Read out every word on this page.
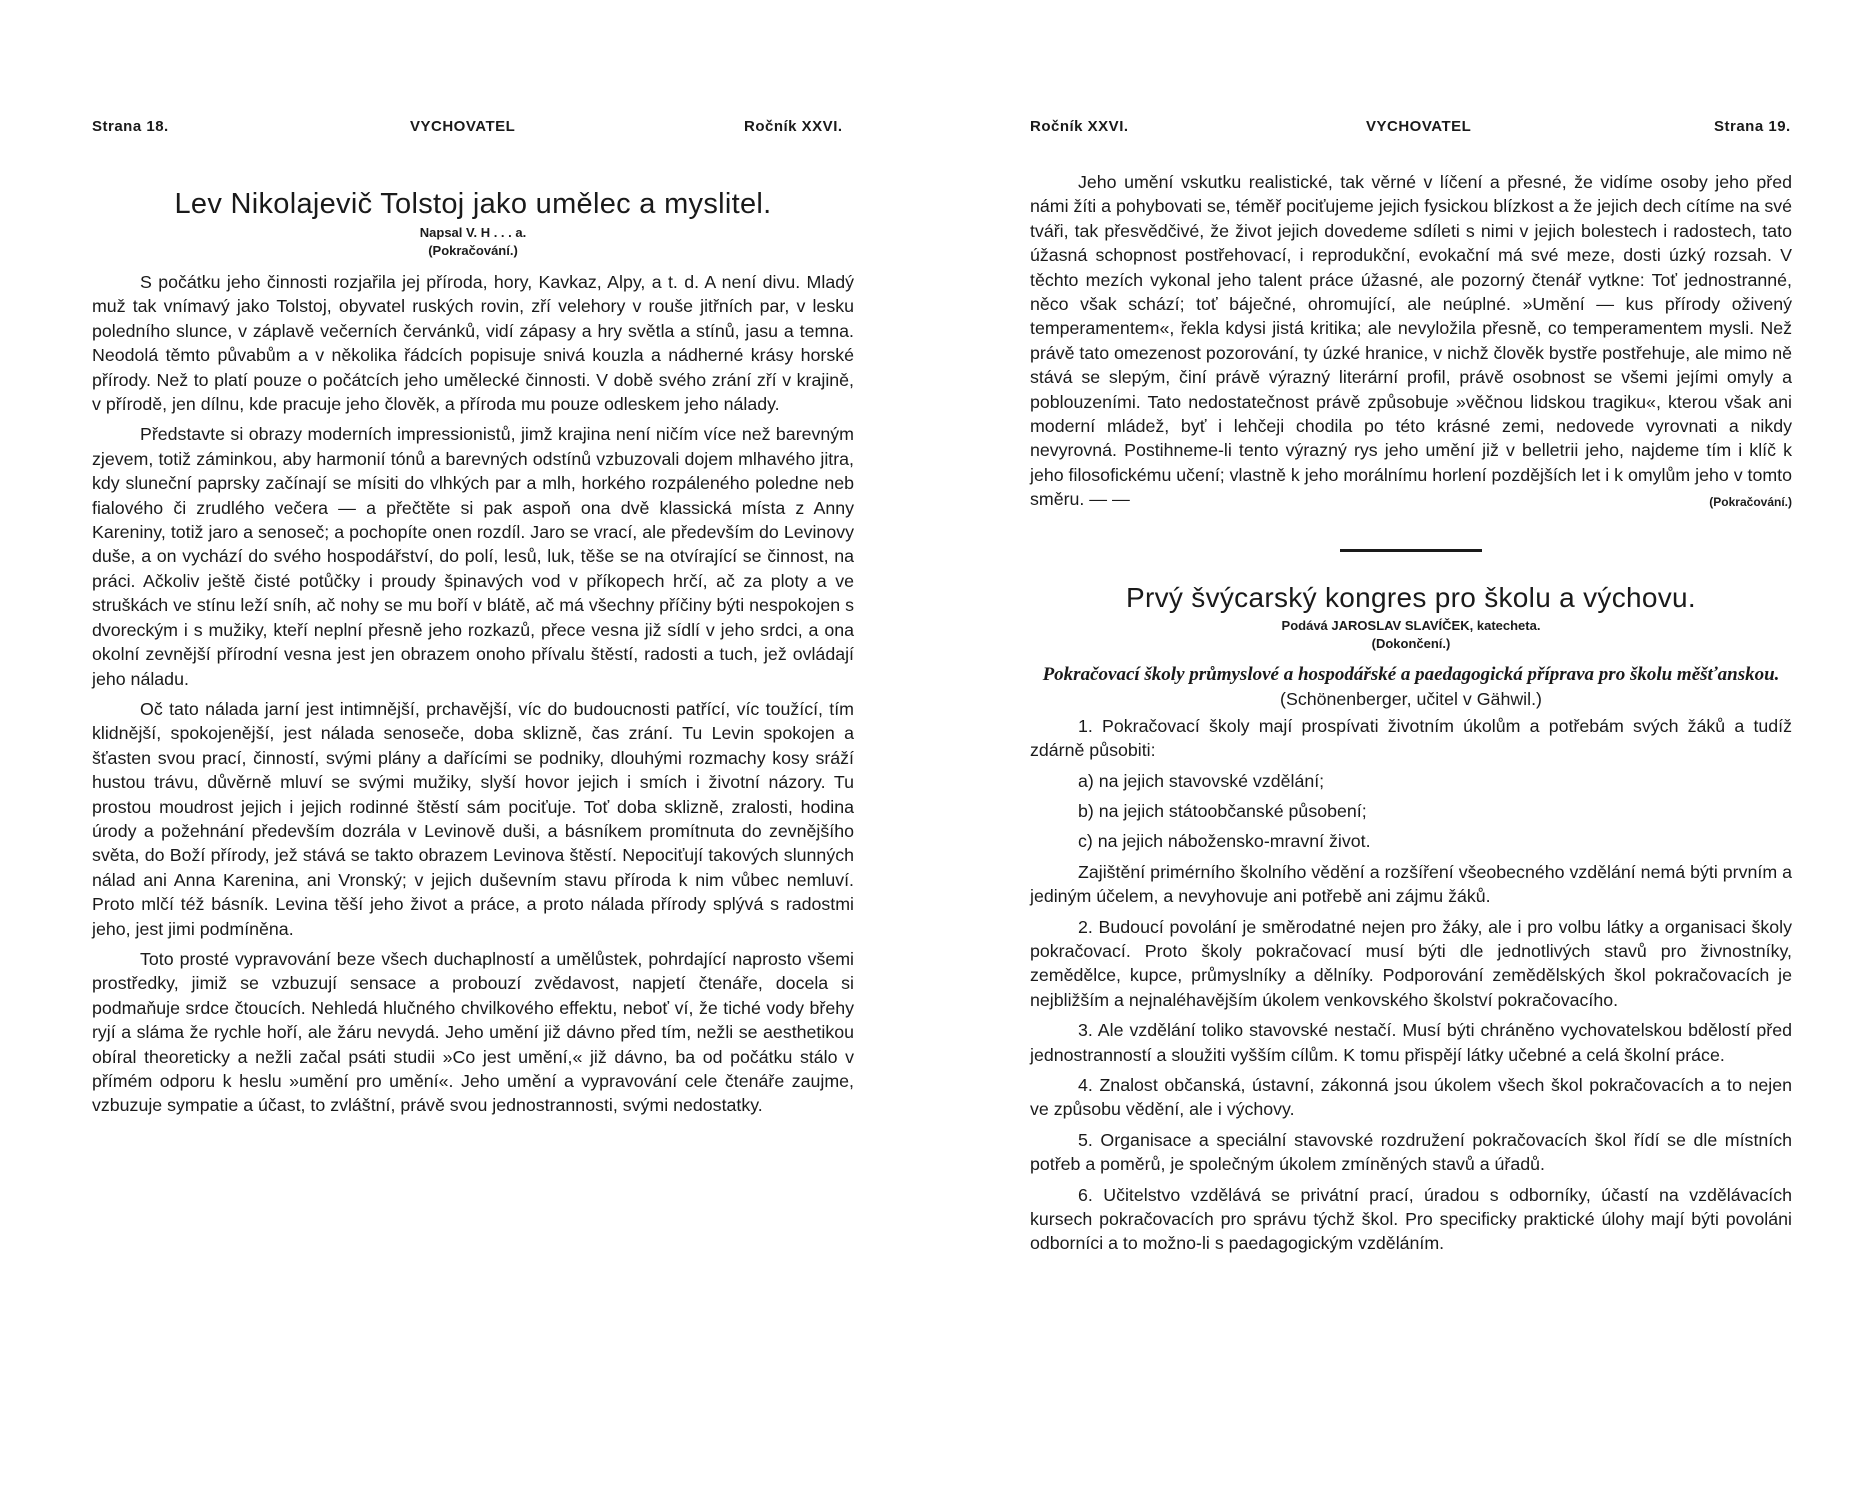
Strana 18.	VYCHOVATEL	Ročník XXVI.
Lev Nikolajevič Tolstoj jako umělec a myslitel.
Napsal V. H . . . a.
(Pokračování.)

S počátku jeho činnosti rozjařila jej příroda, hory, Kavkaz, Alpy, a t. d. A není divu. Mladý muž tak vnímavý jako Tolstoj, obyvatel ruských rovin, zří velehory v rouše jitřních par, v lesku poledního slunce, v záplavě večerních červánků, vidí zápasy a hry světla a stínů, jasu a temna. Neodolá těmto půvabům a v několika řádcích popisuje snivá kouzla a nádherné krásy horské přírody. Než to platí pouze o počátcích jeho umělecké činnosti. V době svého zrání zří v krajině, v přírodě, jen dílnu, kde pracuje jeho člověk, a příroda mu pouze odleskem jeho nálady.

Představte si obrazy moderních impressionistů, jimž krajina není ničím více než barevným zjevem, totiž záminkou, aby harmonií tónů a barevných odstínů vzbuzovali dojem mlhavého jitra, kdy sluneční paprsky začínají se mísiti do vlhkých par a mlh, horkého rozpáleného poledne neb fialového či zrudlého večera — a přečtěte si pak aspoň ona dvě klassická místa z Anny Kareniny, totiž jaro a senoseč; a pochopíte onen rozdíl. Jaro se vrací, ale především do Levinovy duše, a on vychází do svého hospodářství, do polí, lesů, luk, těše se na otvírající se činnost, na práci. Ačkoliv ještě čisté potůčky i proudy špinavých vod v příkopech hrčí, ač za ploty a ve struškách ve stínu leží sníh, ač nohy se mu boří v blátě, ač má všechny příčiny býti nespokojen s dvoreckým i s mužiky, kteří neplní přesně jeho rozkazů, přece vesna již sídlí v jeho srdci, a ona okolní zevnější přírodní vesna jest jen obrazem onoho přívalu štěstí, radosti a tuch, jež ovládají jeho náladu.

Oč tato nálada jarní jest intimnější, prchavější, víc do budoucnosti patřící, víc toužící, tím klidnější, spokojenější, jest nálada senoseče, doba sklizně, čas zrání. Tu Levin spokojen a šťasten svou prací, činností, svými plány a dařícími se podniky, dlouhými rozmachy kosy sráží hustou trávu, důvěrně mluví se svými mužiky, slyší hovor jejich i smích i životní názory. Tu prostou moudrost jejich i jejich rodinné štěstí sám pociťuje. Toť doba sklizně, zralosti, hodina úrody a požehnání především dozrála v Levinově duši, a básníkem promítnuta do zevnějšího světa, do Boží přírody, jež stává se takto obrazem Levinova štěstí. Nepociťují takových slunných nálad ani Anna Karenina, ani Vronský; v jejich duševním stavu příroda k nim vůbec nemluví. Proto mlčí též básník. Levina těší jeho život a práce, a proto nálada přírody splývá s radostmi jeho, jest jimi podmíněna.

Toto prosté vypravování beze všech duchaplností a umělůstek, pohrdající naprosto všemi prostředky, jimiž se vzbuzují sensace a probouzí zvědavost, napjetí čtenáře, docela si podmaňuje srdce čtoucích. Nehledá hlučného chvilkového effektu, neboť ví, že tiché vody břehy ryjí a sláma že rychle hoří, ale žáru nevydá. Jeho umění již dávno před tím, nežli se aesthetikou obíral theoreticky a nežli začal psáti studii »Co jest umění,« již dávno, ba od počátku stálo v přímém odporu k heslu »umění pro umění«. Jeho umění a vypravování cele čtenáře zaujme, vzbuzuje sympatie a účast, to zvláštní, právě svou jednostrannosti, svými nedostatky.

Ročník XXVI.	VYCHOVATEL	Strana 19.

Jeho umění vskutku realistické, tak věrné v líčení a přesné, že vidíme osoby jeho před námi žíti a pohybovati se, téměř pociťujeme jejich fysickou blízkost a že jejich dech cítíme na své tváři, tak přesvědčivé, že život jejich dovedeme sdíleti s nimi v jejich bolestech i radostech, tato úžasná schopnost postřehovací, i reprodukční, evokační má své meze, dosti úzký rozsah. V těchto mezích vykonal jeho talent práce úžasné, ale pozorný čtenář vytkne: Toť jednostranné, něco však schází; toť báječné, ohromující, ale neúplné. »Umění — kus přírody oživený temperamentem«, řekla kdysi jistá kritika; ale nevyložila přesně, co temperamentem mysli. Než právě tato omezenost pozorování, ty úzké hranice, v nichž člověk bystře postřehuje, ale mimo ně stává se slepým, činí právě výrazný literární profil, právě osobnost se všemi jejími omyly a poblouzeními. Tato nedostatečnost právě způsobuje »věčnou lidskou tragiku«, kterou však ani moderní mládež, byť i lehčeji chodila po této krásné zemi, nedovede vyrovnati a nikdy nevyrovná. Postihneme-li tento výrazný rys jeho umění již v belletrii jeho, najdeme tím i klíč k jeho filosofickému učení; vlastně k jeho morálnímu horlení pozdějších let i k omylům jeho v tomto směru. — —	(Pokračování.)

Prvý švýcarský kongres pro školu a výchovu.
Podává JAROSLAV SLAVÍČEK, katecheta.
(Dokončení.)

Pokračovací školy průmyslové a hospodářské a paedagogická příprava pro školu měšťanskou. (Schönenberger, učitel v Gähwil.)

1. Pokračovací školy mají prospívati životním úkolům a potřebám svých žáků a tudíž zdárně působiti:

a) na jejich stavovské vzdělání;

b) na jejich státoobčanské působení;

c) na jejich náboženskо-mravní život.

Zajištění primérního školního vědění a rozšíření všeobecného vzdělání nemá býti prvním a jediným účelem, a nevyhovuje ani potřebě ani zájmu žáků.

2. Budoucí povolání je směrodatné nejen pro žáky, ale i pro volbu látky a organisaci školy pokračovací. Proto školy pokračovací musí býti dle jednotlivých stavů pro živnostníky, zemědělce, kupce, průmyslníky a dělníky. Podporování zemědělských škol pokračovacích je nejbližším a nejnaléhavějším úkolem venkovského školství pokračovacího.

3. Ale vzdělání toliko stavovské nestačí. Musí býti chráněno vychovatelskou bdělostí před jednostranností a sloužiti vyšším cílům. K tomu přispějí látky učebné a celá školní práce.

4. Znalost občanská, ústavní, zákonná jsou úkolem všech škol pokračovacích a to nejen ve způsobu vědění, ale i výchovy.

5. Organisace a speciální stavovské rozdružení pokračovacích škol řídí se dle místních potřeb a poměrů, je společným úkolem zmíněných stavů a úřadů.

6. Učitelstvo vzdělává se privátní prací, úradou s odborníky, účastí na vzdělávacích kursech pokračovacích pro správu týchž škol. Pro specificky praktické úlohy mají býti povoláni odborníci a to možno-li s paedagogickým vzděláním.
